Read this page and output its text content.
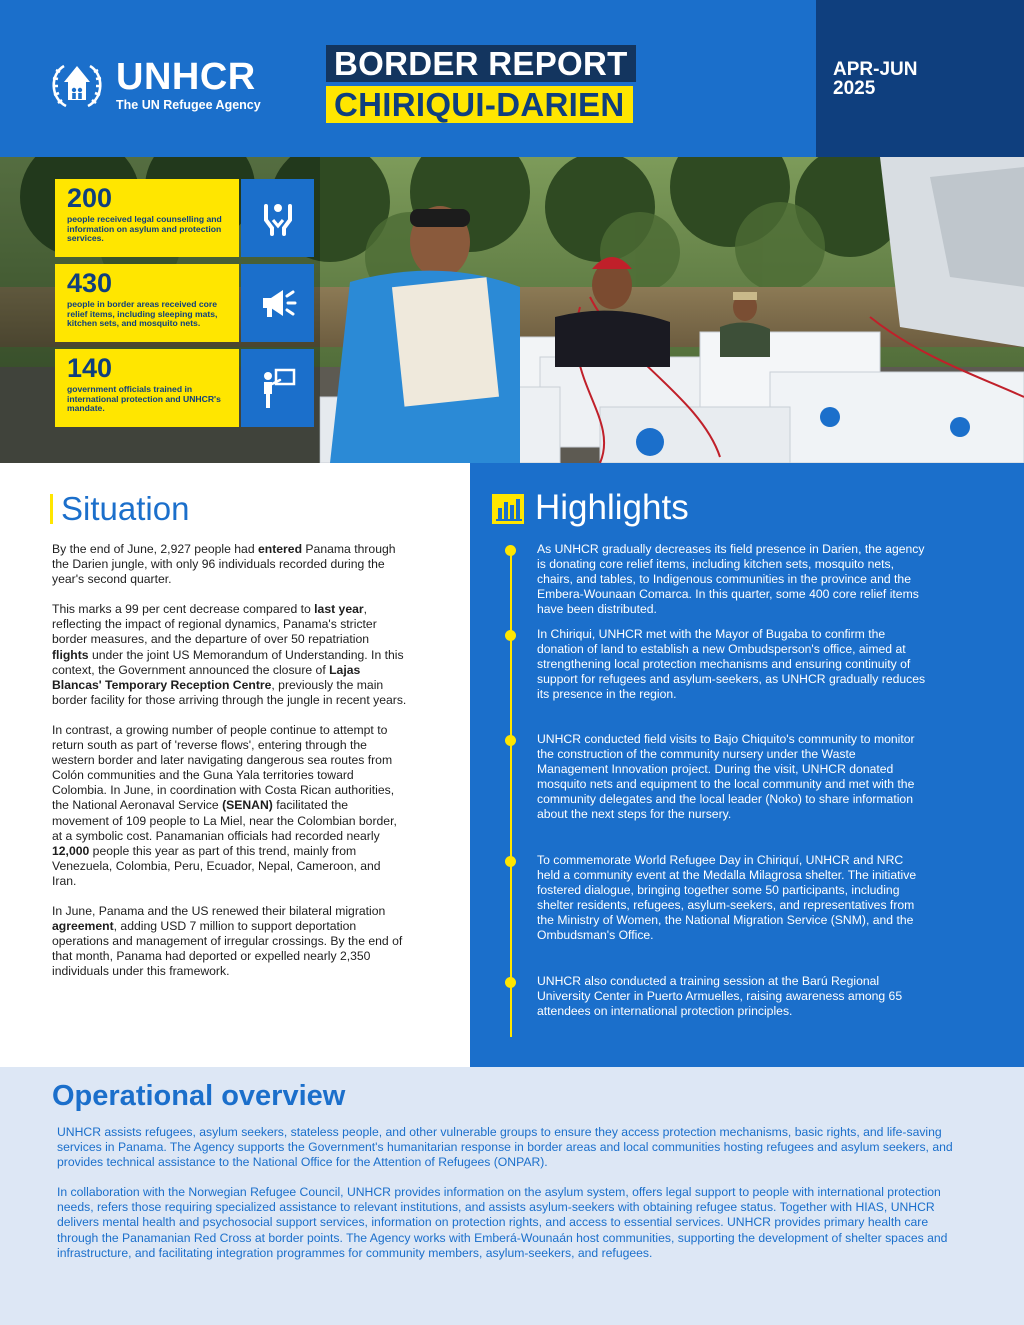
UNHCR
The UN Refugee Agency
BORDER REPORT
CHIRIQUI-DARIEN
APR-JUN
2025
200
people received legal counselling and information on asylum and protection services.
430
people in border areas received core relief items, including sleeping mats, kitchen sets, and mosquito nets.
140
government officials trained in international protection and UNHCR's mandate.
Situation

By the end of June, 2,927 people had entered Panama through the Darien jungle, with only 96 individuals recorded during the year's second quarter.

This marks a 99 per cent decrease compared to last year, reflecting the impact of regional dynamics, Panama's stricter border measures, and the departure of over 50 repatriation flights under the joint US Memorandum of Understanding. In this context, the Government announced the closure of Lajas Blancas' Temporary Reception Centre, previously the main border facility for those arriving through the jungle in recent years.

In contrast, a growing number of people continue to attempt to return south as part of 'reverse flows', entering through the western border and later navigating dangerous sea routes from Colón communities and the Guna Yala territories toward Colombia. In June, in coordination with Costa Rican authorities, the National Aeronaval Service (SENAN) facilitated the movement of 109 people to La Miel, near the Colombian border, at a symbolic cost. Panamanian officials had recorded nearly 12,000 people this year as part of this trend, mainly from Venezuela, Colombia, Peru, Ecuador, Nepal, Cameroon, and Iran.

In June, Panama and the US renewed their bilateral migration agreement, adding USD 7 million to support deportation operations and management of irregular crossings. By the end of that month, Panama had deported or expelled nearly 2,350 individuals under this framework.

Highlights
As UNHCR gradually decreases its field presence in Darien, the agency is donating core relief items, including kitchen sets, mosquito nets, chairs, and tables, to Indigenous communities in the province and the Embera-Wounaan Comarca. In this quarter, some 400 core relief items have been distributed.
In Chiriqui, UNHCR met with the Mayor of Bugaba to confirm the donation of land to establish a new Ombudsperson's office, aimed at strengthening local protection mechanisms and ensuring continuity of support for refugees and asylum-seekers, as UNHCR gradually reduces its presence in the region.
UNHCR conducted field visits to Bajo Chiquito's community to monitor the construction of the community nursery under the Waste Management Innovation project. During the visit, UNHCR donated mosquito nets and equipment to the local community and met with the community delegates and the local leader (Noko) to share information about the next steps for the nursery.
To commemorate World Refugee Day in Chiriquí, UNHCR and NRC held a community event at the Medalla Milagrosa shelter. The initiative fostered dialogue, bringing together some 50 participants, including shelter residents, refugees, asylum-seekers, and representatives from the Ministry of Women, the National Migration Service (SNM), and the Ombudsman's Office.
UNHCR also conducted a training session at the Barú Regional University Center in Puerto Armuelles, raising awareness among 65 attendees on international protection principles.
Operational overview

UNHCR assists refugees, asylum seekers, stateless people, and other vulnerable groups to ensure they access protection mechanisms, basic rights, and life-saving services in Panama. The Agency supports the Government's humanitarian response in border areas and local communities hosting refugees and asylum seekers, and provides technical assistance to the National Office for the Attention of Refugees (ONPAR).

In collaboration with the Norwegian Refugee Council, UNHCR provides information on the asylum system, offers legal support to people with international protection needs, refers those requiring specialized assistance to relevant institutions, and assists asylum-seekers with obtaining refugee status. Together with HIAS, UNHCR delivers mental health and psychosocial support services, information on protection rights, and access to essential services. UNHCR provides primary health care through the Panamanian Red Cross at border points. The Agency works with Emberá-Wounaán host communities, supporting the development of shelter spaces and infrastructure, and facilitating integration programmes for community members, asylum-seekers, and refugees.
